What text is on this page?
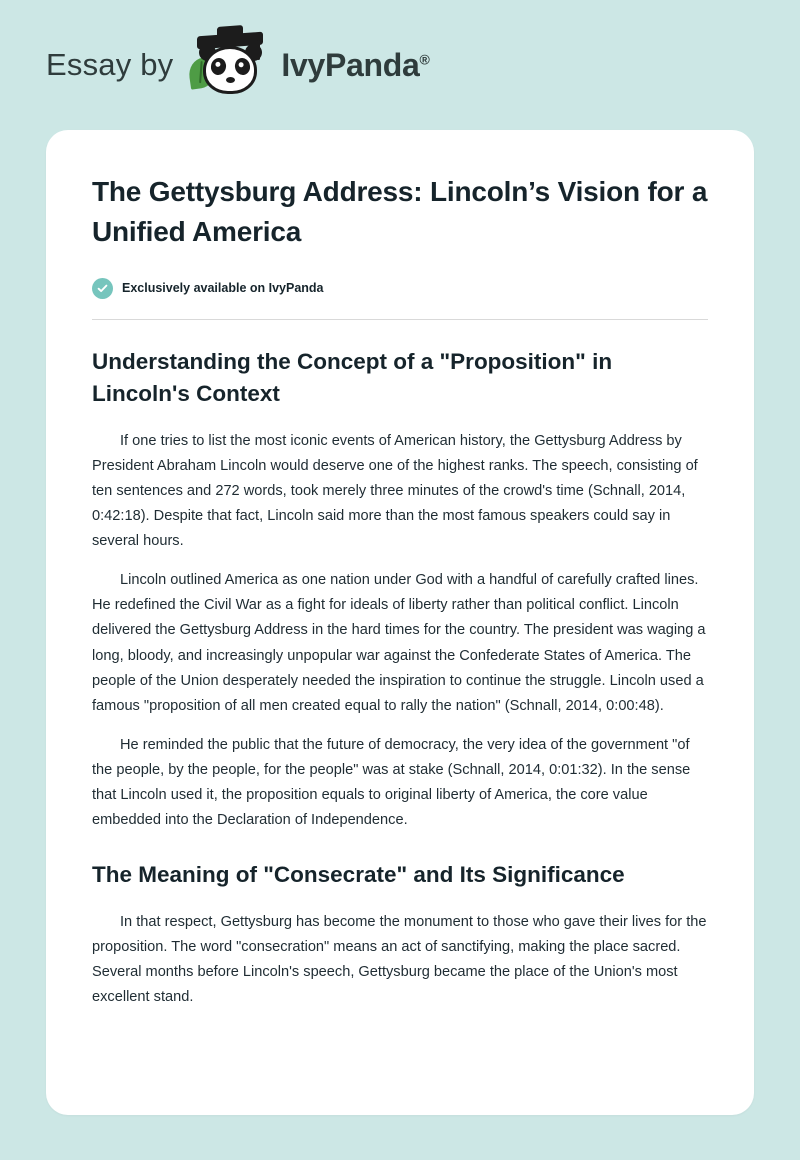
Essay by	IvyPanda®
The Gettysburg Address: Lincoln’s Vision for a Unified America
Exclusively available on IvyPanda
Understanding the Concept of a "Proposition" in Lincoln's Context

If one tries to list the most iconic events of American history, the Gettysburg Address by President Abraham Lincoln would deserve one of the highest ranks. The speech, consisting of ten sentences and 272 words, took merely three minutes of the crowd's time (Schnall, 2014, 0:42:18). Despite that fact, Lincoln said more than the most famous speakers could say in several hours.

Lincoln outlined America as one nation under God with a handful of carefully crafted lines. He redefined the Civil War as a fight for ideals of liberty rather than political conflict. Lincoln delivered the Gettysburg Address in the hard times for the country. The president was waging a long, bloody, and increasingly unpopular war against the Confederate States of America. The people of the Union desperately needed the inspiration to continue the struggle. Lincoln used a famous "proposition of all men created equal to rally the nation" (Schnall, 2014, 0:00:48).

He reminded the public that the future of democracy, the very idea of the government "of the people, by the people, for the people" was at stake (Schnall, 2014, 0:01:32). In the sense that Lincoln used it, the proposition equals to original liberty of America, the core value embedded into the Declaration of Independence.

The Meaning of "Consecrate" and Its Significance

In that respect, Gettysburg has become the monument to those who gave their lives for the proposition. The word "consecration" means an act of sanctifying, making the place sacred. Several months before Lincoln's speech, Gettysburg became the place of the Union's most excellent stand.
